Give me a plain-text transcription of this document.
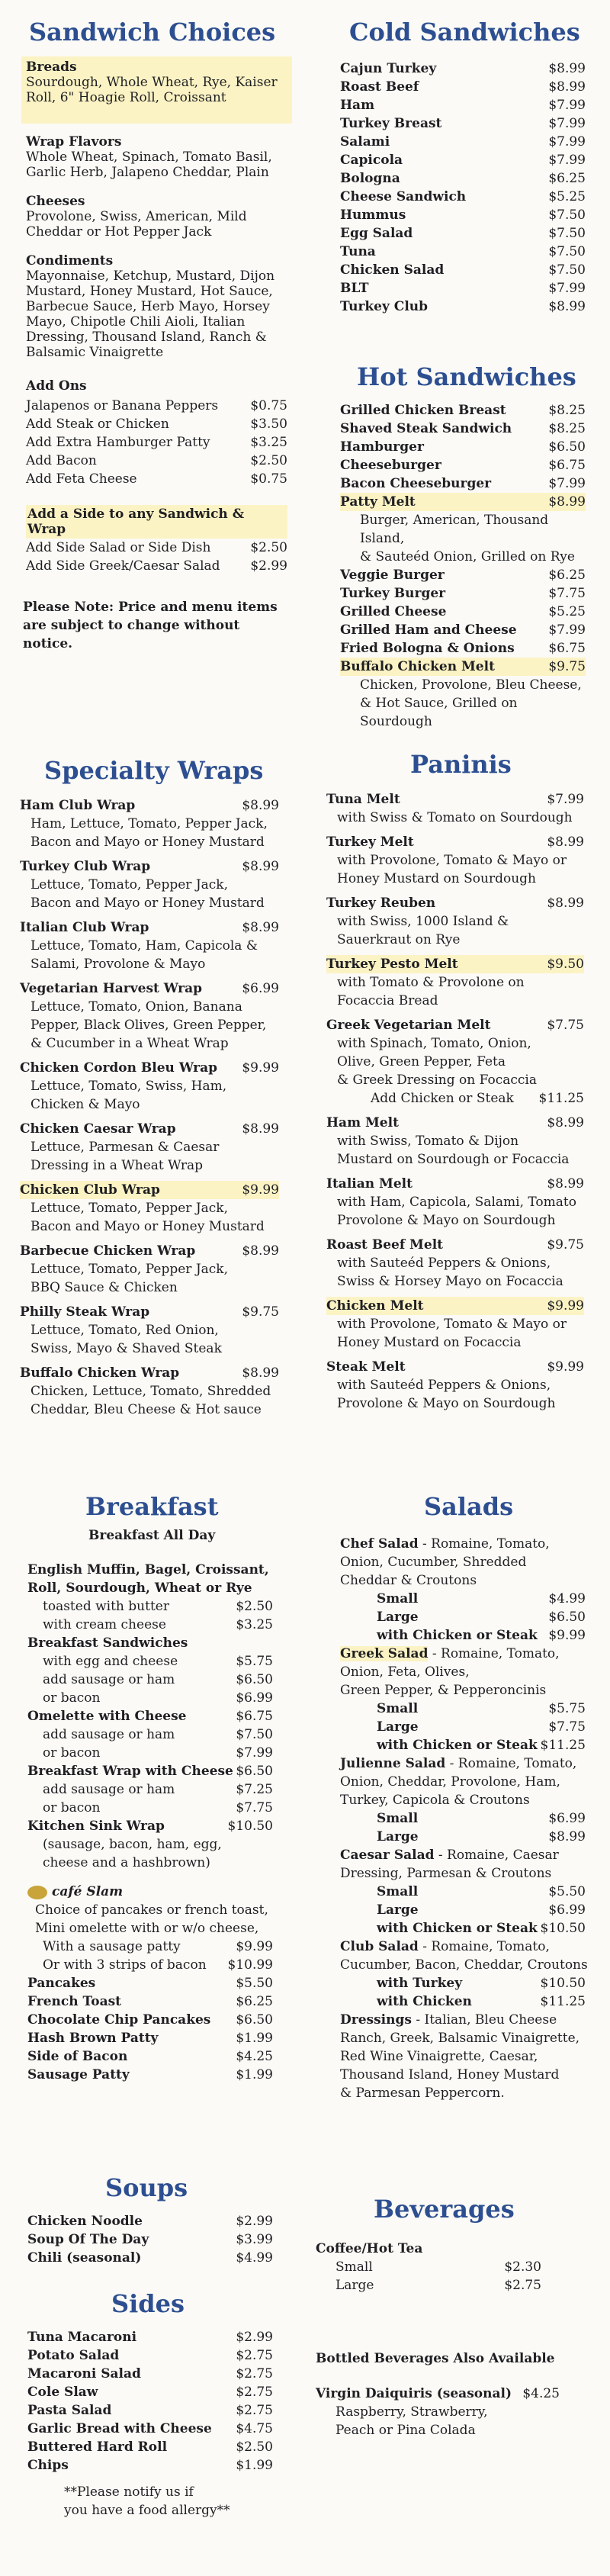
Sandwich Choices
Breads
Sourdough, Whole Wheat, Rye, Kaiser
Roll, 6" Hoagie Roll, Croissant
Wrap Flavors
Whole Wheat, Spinach, Tomato Basil,
Garlic Herb, Jalapeno Cheddar, Plain
Cheeses
Provolone, Swiss, American, Mild
Cheddar or Hot Pepper Jack
Condiments
Mayonnaise, Ketchup, Mustard, Dijon
Mustard, Honey Mustard, Hot Sauce,
Barbecue Sauce, Herb Mayo, Horsey
Mayo, Chipotle Chili Aioli, Italian
Dressing, Thousand Island, Ranch &
Balsamic Vinaigrette
Add Ons
Jalapenos or Banana Peppers $0.75
Add Steak or Chicken	$3.50
Add Extra Hamburger Patty	$3.25
Add Bacon	$2.50
Add Feta Cheese	$0.75
Add a Side to any Sandwich & Wrap
Add Side Salad or Side Dish	$2.50
Add Side Greek/Caesar Salad $2.99
Please Note: Price and menu items
are subject to change without notice.
Specialty Wraps
Ham Club Wrap	$8.99
Ham, Lettuce, Tomato, Pepper Jack,
Bacon and Mayo or Honey Mustard
Turkey Club Wrap	$8.99
Lettuce, Tomato, Pepper Jack,
Bacon and Mayo or Honey Mustard
Italian Club Wrap	$8.99
Lettuce, Tomato, Ham, Capicola &
Salami, Provolone & Mayo
Vegetarian Harvest Wrap	$6.99
Lettuce, Tomato, Onion, Banana
Pepper, Black Olives, Green Pepper,
& Cucumber in a Wheat Wrap
Chicken Cordon Bleu Wrap $9.99
Lettuce, Tomato, Swiss, Ham,
Chicken & Mayo
Chicken Caesar Wrap	$8.99
Lettuce, Parmesan & Caesar
Dressing in a Wheat Wrap
Chicken Club Wrap	$9.99
Lettuce, Tomato, Pepper Jack,
Bacon and Mayo or Honey Mustard
Barbecue Chicken Wrap	$8.99
Lettuce, Tomato, Pepper Jack,
BBQ Sauce & Chicken
Philly Steak Wrap	$9.75
Lettuce, Tomato, Red Onion,
Swiss, Mayo & Shaved Steak
Buffalo Chicken Wrap	$8.99
Chicken, Lettuce, Tomato, Shredded
Cheddar, Bleu Cheese & Hot sauce
Breakfast
Breakfast All Day
English Muffin, Bagel, Croissant,
Roll, Sourdough, Wheat or Rye
toasted with butter	$2.50
with cream cheese	$3.25
Breakfast Sandwiches
with egg and cheese	$5.75
add sausage or ham	$6.50
or bacon	$6.99
Omelette with Cheese	$6.75
add sausage or ham	$7.50
or bacon	$7.99
Breakfast Wrap with Cheese $6.50
add sausage or ham	$7.25
or bacon	$7.75
Kitchen Sink Wrap	$10.50
(sausage, bacon, ham, egg,
cheese and a hashbrown)
café Slam
Choice of pancakes or french toast,
Mini omelette with or w/o cheese,
With a sausage patty	$9.99
Or with 3 strips of bacon $10.99
Pancakes	$5.50
French Toast	$6.25
Chocolate Chip Pancakes $6.50
Hash Brown Patty	$1.99
Side of Bacon	$4.25
Sausage Patty	$1.99
Soups
Chicken Noodle	$2.99
Soup Of The Day	$3.99
Chili (seasonal)	$4.99
Sides
Tuna Macaroni	$2.99
Potato Salad	$2.75
Macaroni Salad	$2.75
Cole Slaw	$2.75
Pasta Salad	$2.75
Garlic Bread with Cheese $4.75
Buttered Hard Roll	$2.50
Chips	$1.99
**Please notify us if
you have a food allergy**
Cold Sandwiches
Cajun Turkey	$8.99
Roast Beef	$8.99
Ham	$7.99
Turkey Breast	$7.99
Salami	$7.99
Capicola	$7.99
Bologna	$6.25
Cheese Sandwich	$5.25
Hummus	$7.50
Egg Salad	$7.50
Tuna	$7.50
Chicken Salad	$7.50
BLT	$7.99
Turkey Club	$8.99
Hot Sandwiches
Grilled Chicken Breast	$8.25
Shaved Steak Sandwich	$8.25
Hamburger	$6.50
Cheeseburger	$6.75
Bacon Cheeseburger	$7.99
Patty Melt	$8.99
Burger, American, Thousand Island,
& Sauteéd Onion, Grilled on Rye
Veggie Burger	$6.25
Turkey Burger	$7.75
Grilled Cheese	$5.25
Grilled Ham and Cheese $7.99
Fried Bologna & Onions	$6.75
Buffalo Chicken Melt	$9.75
Chicken, Provolone, Bleu Cheese,
& Hot Sauce, Grilled on Sourdough
Paninis
Tuna Melt	$7.99
with Swiss & Tomato on Sourdough
Turkey Melt	$8.99
with Provolone, Tomato & Mayo or
Honey Mustard on Sourdough
Turkey Reuben	$8.99
with Swiss, 1000 Island &
Sauerkraut on Rye
Turkey Pesto Melt	$9.50
with Tomato & Provolone on
Focaccia Bread
Greek Vegetarian Melt	$7.75
with Spinach, Tomato, Onion,
Olive, Green Pepper, Feta
& Greek Dressing on Focaccia
Add Chicken or Steak $11.25
Ham Melt	$8.99
with Swiss, Tomato & Dijon
Mustard on Sourdough or Focaccia
Italian Melt	$8.99
with Ham, Capicola, Salami, Tomato
Provolone & Mayo on Sourdough
Roast Beef Melt	$9.75
with Sauteéd Peppers & Onions,
Swiss & Horsey Mayo on Focaccia
Chicken Melt	$9.99
with Provolone, Tomato & Mayo or
Honey Mustard on Focaccia
Steak Melt	$9.99
with Sauteéd Peppers & Onions,
Provolone & Mayo on Sourdough
Salads
Chef Salad - Romaine, Tomato,
Onion, Cucumber, Shredded
Cheddar & Croutons
Small	$4.99
Large	$6.50
with Chicken or Steak $9.99
Greek Salad - Romaine, Tomato,
Onion, Feta, Olives,
Green Pepper, & Pepperoncinis
Small	$5.75
Large	$7.75
with Chicken or Steak $11.25
Julienne Salad - Romaine, Tomato,
Onion, Cheddar, Provolone, Ham,
Turkey, Capicola & Croutons
Small	$6.99
Large	$8.99
Caesar Salad - Romaine, Caesar
Dressing, Parmesan & Croutons
Small	$5.50
Large	$6.99
with Chicken or Steak $10.50
Club Salad - Romaine, Tomato,
Cucumber, Bacon, Cheddar, Croutons
with Turkey	$10.50
with Chicken	$11.25
Dressings - Italian, Bleu Cheese
Ranch, Greek, Balsamic Vinaigrette,
Red Wine Vinaigrette, Caesar,
Thousand Island, Honey Mustard
& Parmesan Peppercorn.
Beverages
Coffee/Hot Tea
Small	$2.30
Large	$2.75
Bottled Beverages Also Available
Virgin Daiquiris (seasonal) $4.25
Raspberry, Strawberry,
Peach or Pina Colada
